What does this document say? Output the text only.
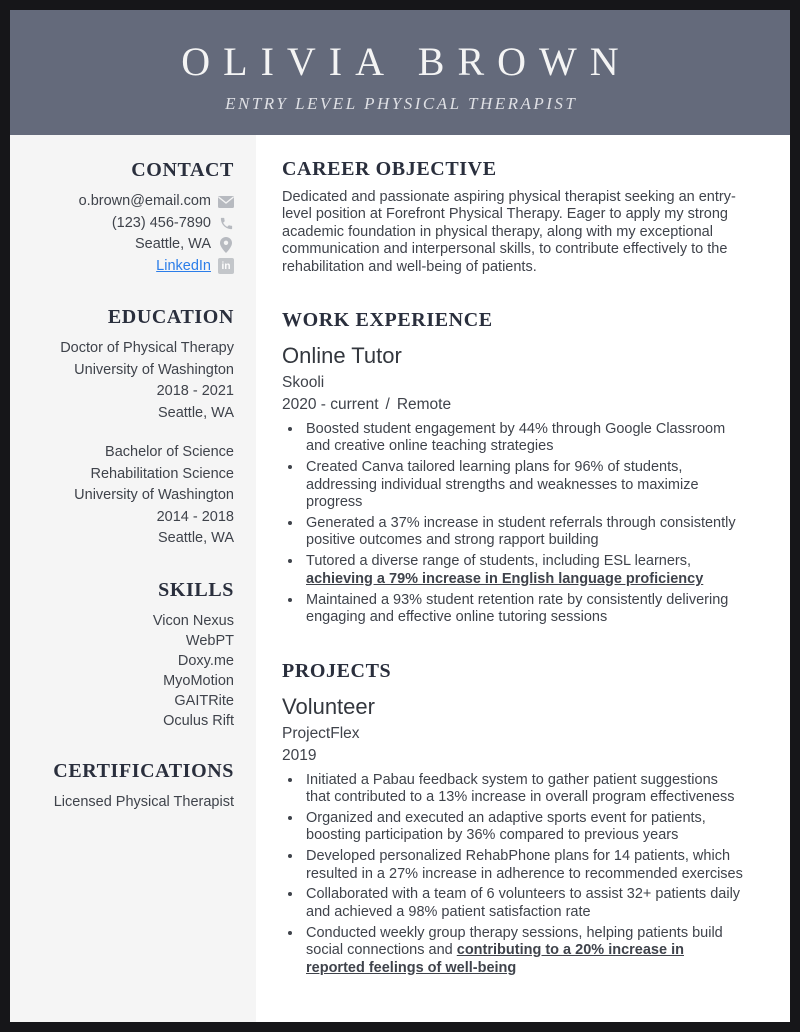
OLIVIA BROWN
ENTRY LEVEL PHYSICAL THERAPIST
CONTACT
o.brown@email.com
(123) 456-7890
Seattle, WA
LinkedIn	in
EDUCATION
Doctor of Physical Therapy
University of Washington
2018 - 2021
Seattle, WA
Bachelor of Science
Rehabilitation Science
University of Washington
2014 - 2018
Seattle, WA
SKILLS
Vicon Nexus
WebPT
Doxy.me
MyoMotion
GAITRite
Oculus Rift
CERTIFICATIONS
Licensed Physical Therapist
CAREER OBJECTIVE
Dedicated and passionate aspiring physical therapist seeking an entry-level position at Forefront Physical Therapy. Eager to apply my strong academic foundation in physical therapy, along with my exceptional communication and interpersonal skills, to contribute effectively to the rehabilitation and well-being of patients.
WORK EXPERIENCE
Online Tutor
Skooli
2020 - current / Remote
• Boosted student engagement by 44% through Google Classroom and creative online teaching strategies
• Created Canva tailored learning plans for 96% of students, addressing individual strengths and weaknesses to maximize progress
• Generated a 37% increase in student referrals through consistently positive outcomes and strong rapport building
• Tutored a diverse range of students, including ESL learners, achieving a 79% increase in English language proficiency
• Maintained a 93% student retention rate by consistently delivering engaging and effective online tutoring sessions
PROJECTS
Volunteer
ProjectFlex
2019
• Initiated a Pabau feedback system to gather patient suggestions that contributed to a 13% increase in overall program effectiveness
• Organized and executed an adaptive sports event for patients, boosting participation by 36% compared to previous years
• Developed personalized RehabPhone plans for 14 patients, which resulted in a 27% increase in adherence to recommended exercises
• Collaborated with a team of 6 volunteers to assist 32+ patients daily and achieved a 98% patient satisfaction rate
• Conducted weekly group therapy sessions, helping patients build social connections and contributing to a 20% increase in reported feelings of well-being
